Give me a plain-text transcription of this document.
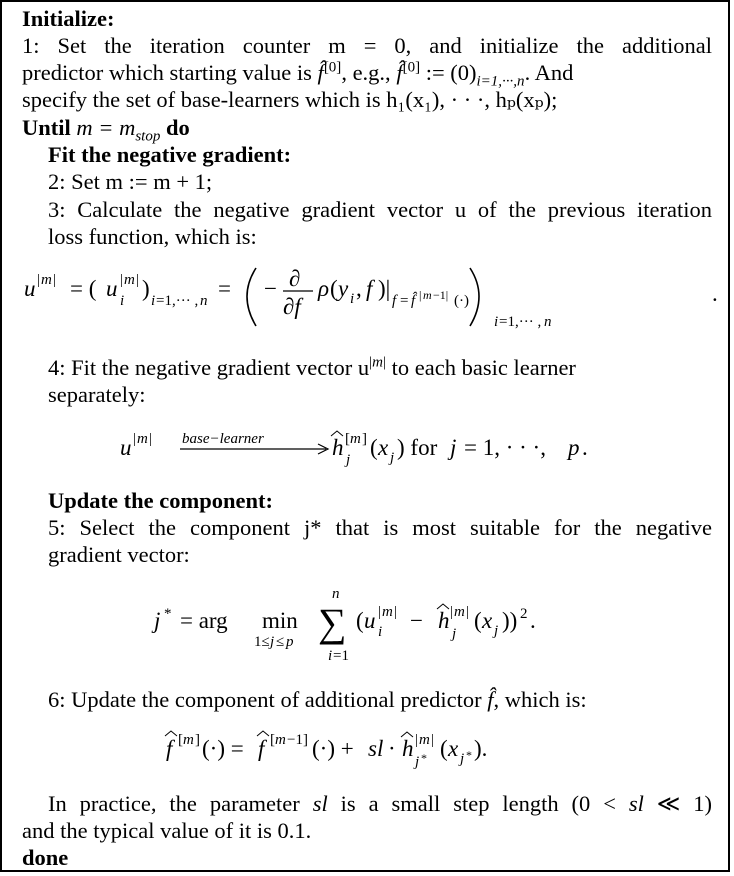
Initialize:
1: Set the iteration counter m = 0, and initialize the additional
predictor which starting value is f̂[0], e.g., f̂[0] := $(0)_{i=1,\cdot\cdot\cdot,n}$. And
specify the set of base-learners which is h₁(x₁), · · ·, hₚ(xₚ);
Until $m = m_{stop}$ do
Fit the negative gradient:
2: Set m := m + 1;
3: Calculate the negative gradient vector u of the previous iteration
loss function, which is:
u | m | = ( u i
| m | ) i =1,··· , n = − ∂
∂f
ρ ( y i , f )| f = f̂ | m −1| (·)
i =1,··· , n
.
4: Fit the negative gradient vector $u^{|m|}$ to each basic learner
separately:
u | m | base−learner	h [ m ]
j ( x j ) for j = 1, · · ·, p .
Update the component:
5: Select the component j* that is most suitable for the negative
gradient vector:
j * = arg min
1≤ j ≤ p
n
∑
i =1
( u | m |
i − h | m |
j
( x j )) 2 .
6: Update the component of additional predictor f̂, which is:
f [ m ] (·) = f [ m −1] (·) + sl · h | m |
j * ( x j * ).
In practice, the parameter sl is a small step length (0 < sl ≪ 1)
and the typical value of it is 0.1.
done
